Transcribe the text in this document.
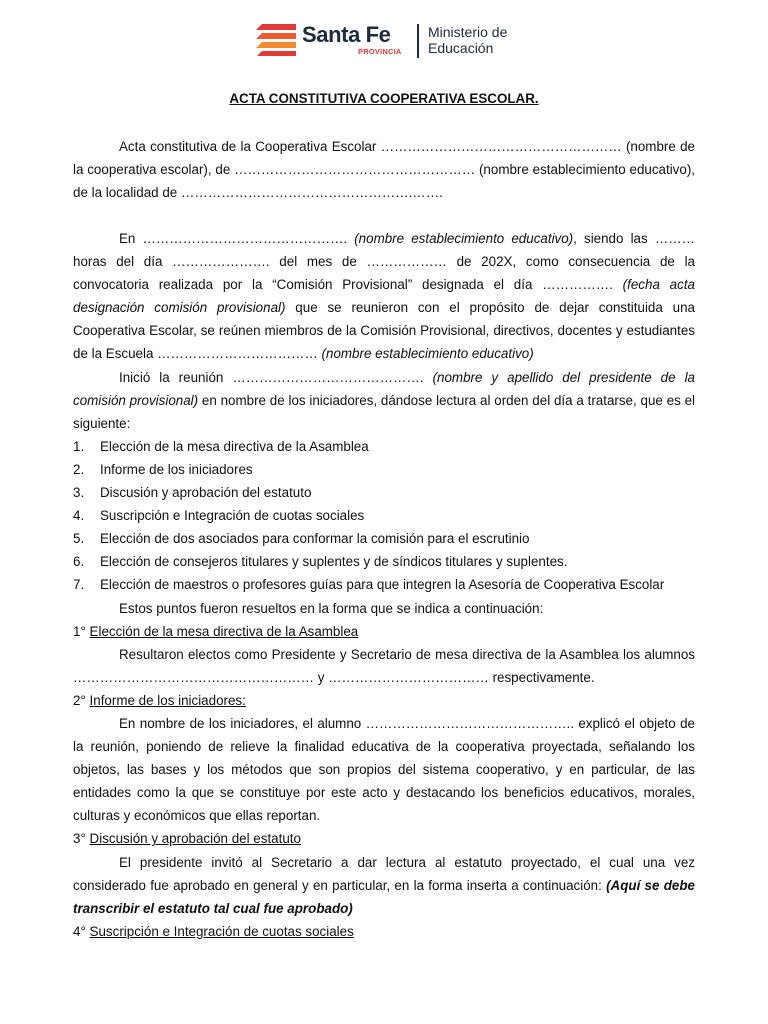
Santa Fe
PROVINCIA
Ministerio de
Educación
ACTA CONSTITUTIVA COOPERATIVA ESCOLAR.

Acta constitutiva de la Cooperativa Escolar ……………………………………………… (nombre de la cooperativa escolar), de ……………………………………………… (nombre establecimiento educativo), de la localidad de …………………………………………….…….

En ………………………………………. (nombre establecimiento educativo), siendo las ……… horas del día …………………. del mes de ……………… de 202X, como consecuencia de la convocatoria realizada por la “Comisión Provisional” designada el día ……………. (fecha acta designación comisión provisional) que se reunieron con el propósito de dejar constituida una Cooperativa Escolar, se reúnen miembros de la Comisión Provisional, directivos, docentes y estudiantes de la Escuela ……………………………… (nombre establecimiento educativo)

Inició la reunión ……………………………………. (nombre y apellido del presidente de la comisión provisional) en nombre de los iniciadores, dándose lectura al orden del día a tratarse, que es el siguiente:

1. Elección de la mesa directiva de la Asamblea
2. Informe de los iniciadores
3. Discusión y aprobación del estatuto
4. Suscripción e Integración de cuotas sociales
5. Elección de dos asociados para conformar la comisión para el escrutinio
6. Elección de consejeros titulares y suplentes y de síndicos titulares y suplentes.
7. Elección de maestros o profesores guías para que integren la Asesoría de Cooperativa Escolar

Estos puntos fueron resueltos en la forma que se indica a continuación:

1° Elección de la mesa directiva de la Asamblea

Resultaron electos como Presidente y Secretario de mesa directiva de la Asamblea los alumnos ……………………………………………… y ……………………………… respectivamente.

2° Informe de los iniciadores:

En nombre de los iniciadores, el alumno ……………………………………….. explicó el objeto de la reunión, poniendo de relieve la finalidad educativa de la cooperativa proyectada, señalando los objetos, las bases y los métodos que son propios del sistema cooperativo, y en particular, de las entidades como la que se constituye por este acto y destacando los beneficios educativos, morales, culturas y económicos que ellas reportan.

3° Discusión y aprobación del estatuto

El presidente invitó al Secretario a dar lectura al estatuto proyectado, el cual una vez considerado fue aprobado en general y en particular, en la forma inserta a continuación: (Aquí se debe transcribir el estatuto tal cual fue aprobado)

4° Suscripción e Integración de cuotas sociales
